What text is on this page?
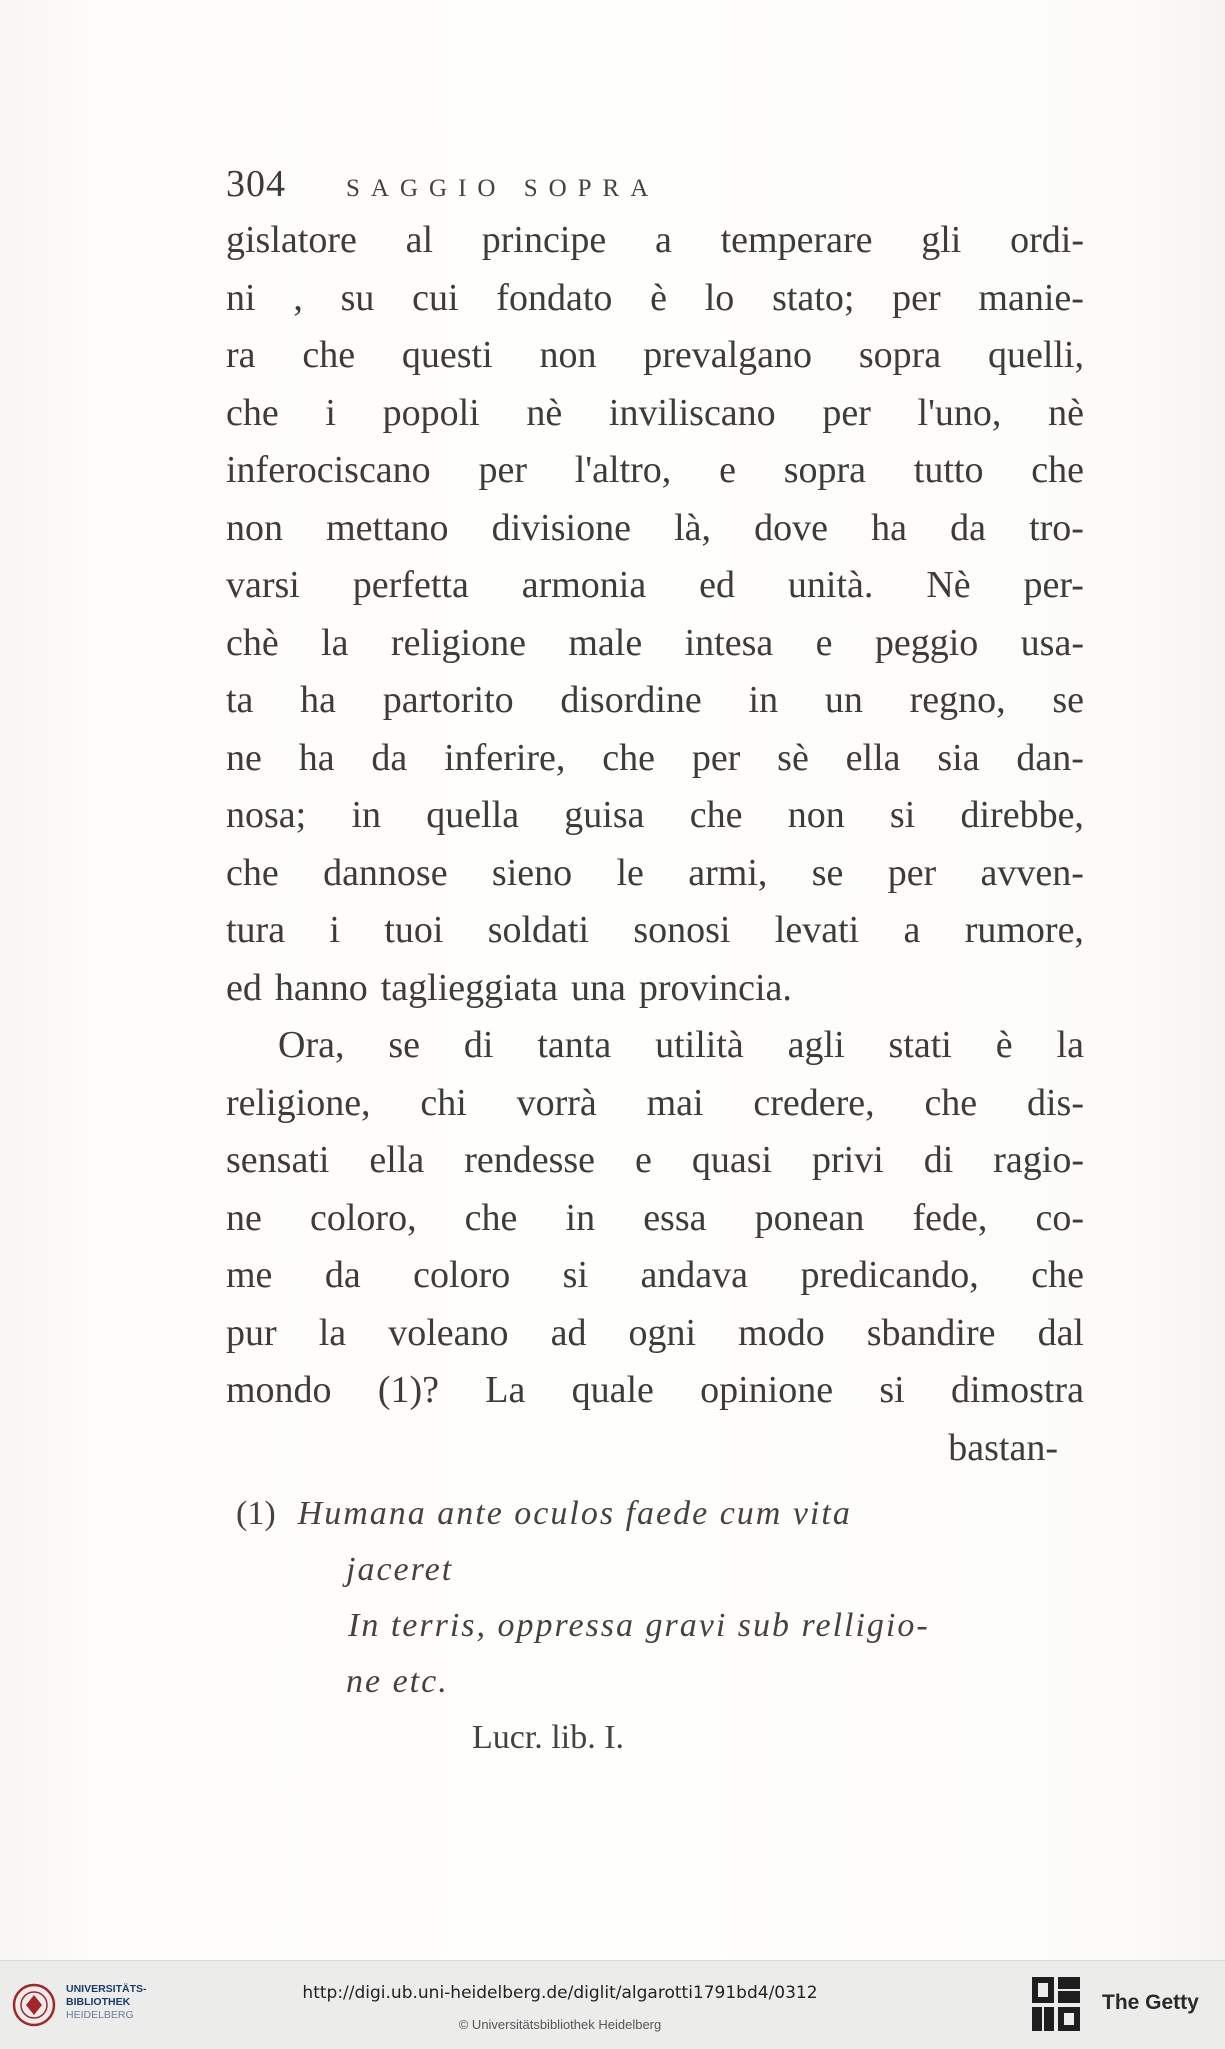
304 SAGGIO SOPRA
gislatore al principe a temperare gli ordi-
ni , su cui fondato è lo stato; per manie-
ra che questi non prevalgano sopra quelli,
che i popoli nè inviliscano per l'uno, nè
inferociscano per l'altro, e sopra tutto che
non mettano divisione là, dove ha da tro-
varsi perfetta armonia ed unità. Nè per-
chè la religione male intesa e peggio usa-
ta ha partorito disordine in un regno, se
ne ha da inferire, che per sè ella sia dan-
nosa; in quella guisa che non si direbbe,
che dannose sieno le armi, se per avven-
tura i tuoi soldati sonosi levati a rumore,
ed hanno taglieggiata una provincia.
Ora, se di tanta utilità agli stati è la
religione, chi vorrà mai credere, che dis-
sensati ella rendesse e quasi privi di ragio-
ne coloro, che in essa ponean fede, co-
me da coloro si andava predicando, che
pur la voleano ad ogni modo sbandire dal
mondo (1)? La quale opinione si dimostra
bastan-
(1) Humana ante oculos faede cum vita
jaceret
In terris, oppressa gravi sub relligio-
ne etc.
Lucr. lib. I.
UNIVERSITÄTS-
BIBLIOTHEK
HEIDELBERG
http://digi.ub.uni-heidelberg.de/diglit/algarotti1791bd4/0312
© Universitätsbibliothek Heidelberg
The Getty
